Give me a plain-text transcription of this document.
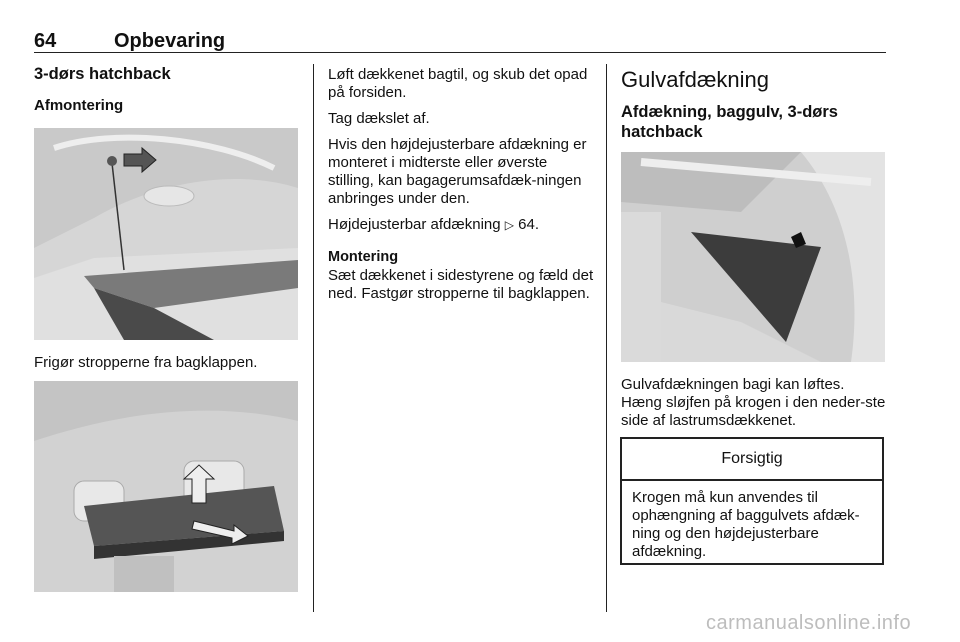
64	Opbevaring

3-dørs hatchback

Afmontering

Frigør stropperne fra bagklappen.

Løft dækkenet bagtil, og skub det opad på forsiden.

Tag dækslet af.

Hvis den højdejusterbare afdækning er monteret i midterste eller øverste stilling, kan bagagerumsafdæk-ningen anbringes under den.

Højdejusterbar afdækning ▷ 64.

Montering

Sæt dækkenet i sidestyrene og fæld det ned. Fastgør stropperne til bagklappen.

Gulvafdækning

Afdækning, bagguIv, 3-dørs hatchback

Gulvafdækningen bagi kan løftes. Hæng sløjfen på krogen i den neder-ste side af lastrumsdækkenet.

Forsigtig
Krogen må kun anvendes til ophængning af baggulvets afdæk-ning og den højdejusterbare afdækning.
carmanualsonline.info
